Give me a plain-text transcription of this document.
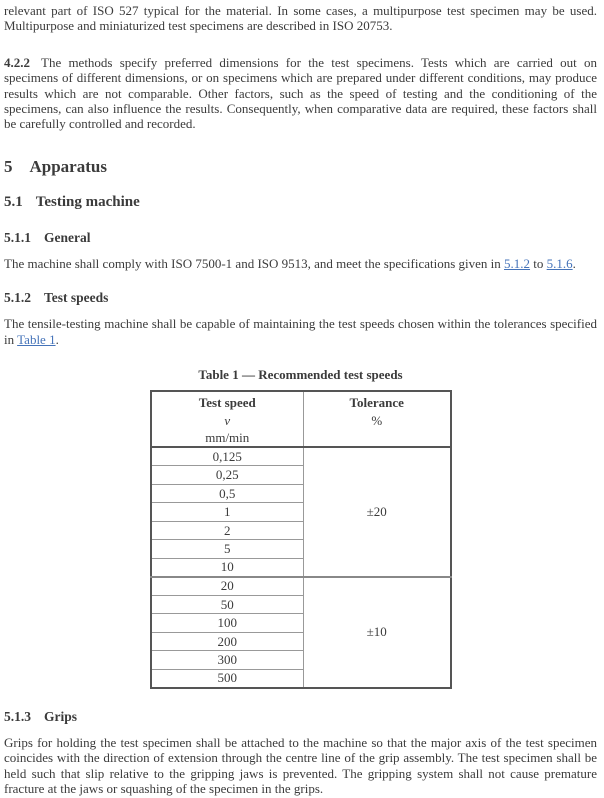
relevant part of ISO 527 typical for the material. In some cases, a multipurpose test specimen may be used. Multipurpose and miniaturized test specimens are described in ISO 20753.

4.2.2 The methods specify preferred dimensions for the test specimens. Tests which are carried out on specimens of different dimensions, or on specimens which are prepared under different conditions, may produce results which are not comparable. Other factors, such as the speed of testing and the conditioning of the specimens, can also influence the results. Consequently, when comparative data are required, these factors shall be carefully controlled and recorded.

5 Apparatus
5.1 Testing machine
5.1.1 General

The machine shall comply with ISO 7500-1 and ISO 9513, and meet the specifications given in 5.1.2 to 5.1.6.

5.1.2 Test speeds

The tensile-testing machine shall be capable of maintaining the test speeds chosen within the tolerances specified in Table 1.

Table 1 — Recommended test speeds

Test speed
v
mm/min

Tolerance
%

0,125	±20
0,25	
0,5	
1	
2	
5	
10	
20	±10
50	
100	
200	
300	
500	
5.1.3 Grips

Grips for holding the test specimen shall be attached to the machine so that the major axis of the test specimen coincides with the direction of extension through the centre line of the grip assembly. The test specimen shall be held such that slip relative to the gripping jaws is prevented. The gripping system shall not cause premature fracture at the jaws or squashing of the specimen in the grips.
